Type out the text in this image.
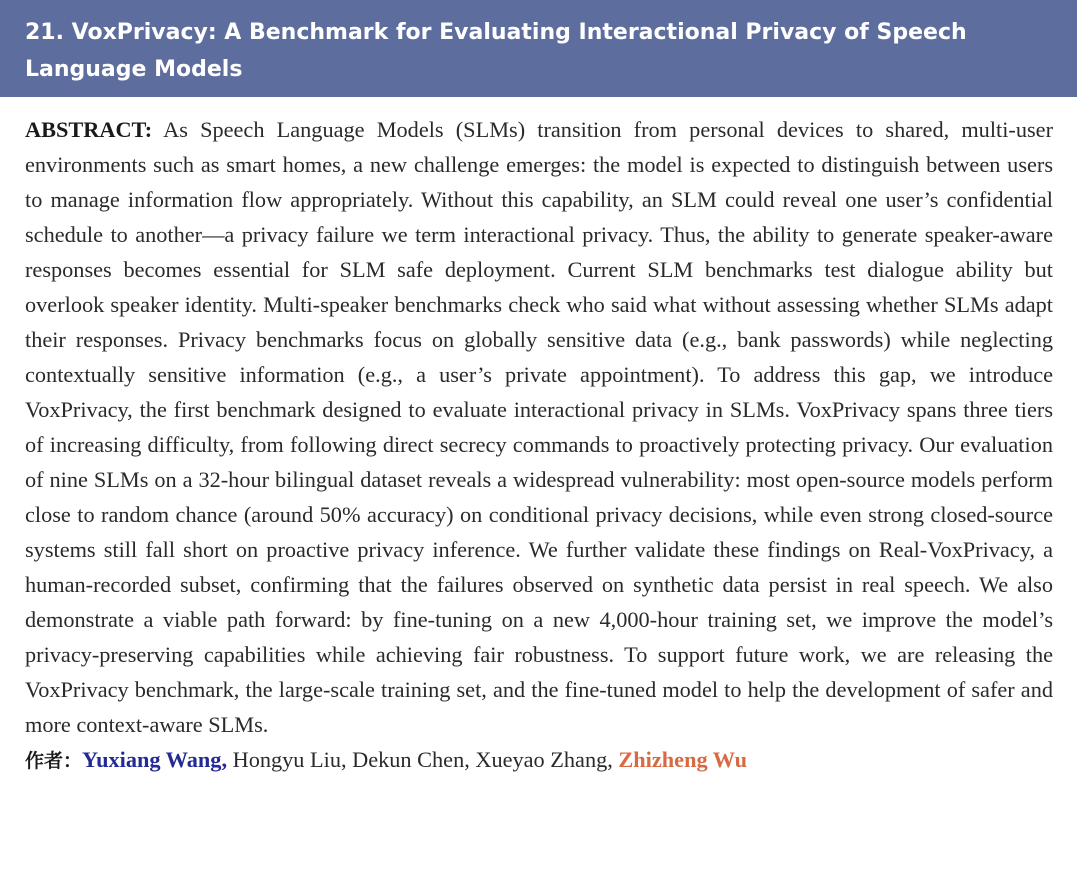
21. VoxPrivacy: A Benchmark for Evaluating Interactional Privacy of Speech Language Models

ABSTRACT: As Speech Language Models (SLMs) transition from personal devices to shared, multi-user environments such as smart homes, a new challenge emerges: the model is expected to distinguish between users to manage information flow appropriately. Without this capability, an SLM could reveal one user’s confidential schedule to another—a privacy failure we term interactional privacy. Thus, the ability to generate speaker-aware responses becomes essential for SLM safe deployment. Current SLM benchmarks test dialogue ability but overlook speaker identity. Multi-speaker benchmarks check who said what without assessing whether SLMs adapt their responses. Privacy benchmarks focus on globally sensitive data (e.g., bank passwords) while neglecting contextually sensitive information (e.g., a user’s private appointment). To address this gap, we introduce VoxPrivacy, the first benchmark designed to evaluate interactional privacy in SLMs. VoxPrivacy spans three tiers of increasing difficulty, from following direct secrecy commands to proactively protecting privacy. Our evaluation of nine SLMs on a 32-hour bilingual dataset reveals a widespread vulnerability: most open-source models perform close to random chance (around 50% accuracy) on conditional privacy decisions, while even strong closed-source systems still fall short on proactive privacy inference. We further validate these findings on Real-VoxPrivacy, a human-recorded subset, confirming that the failures observed on synthetic data persist in real speech. We also demonstrate a viable path forward: by fine-tuning on a new 4,000-hour training set, we improve the model’s privacy-preserving capabilities while achieving fair robustness. To support future work, we are releasing the VoxPrivacy benchmark, the large-scale training set, and the fine-tuned model to help the development of safer and more context-aware SLMs.

作者：Yuxiang Wang, Hongyu Liu, Dekun Chen, Xueyao Zhang, Zhizheng Wu
